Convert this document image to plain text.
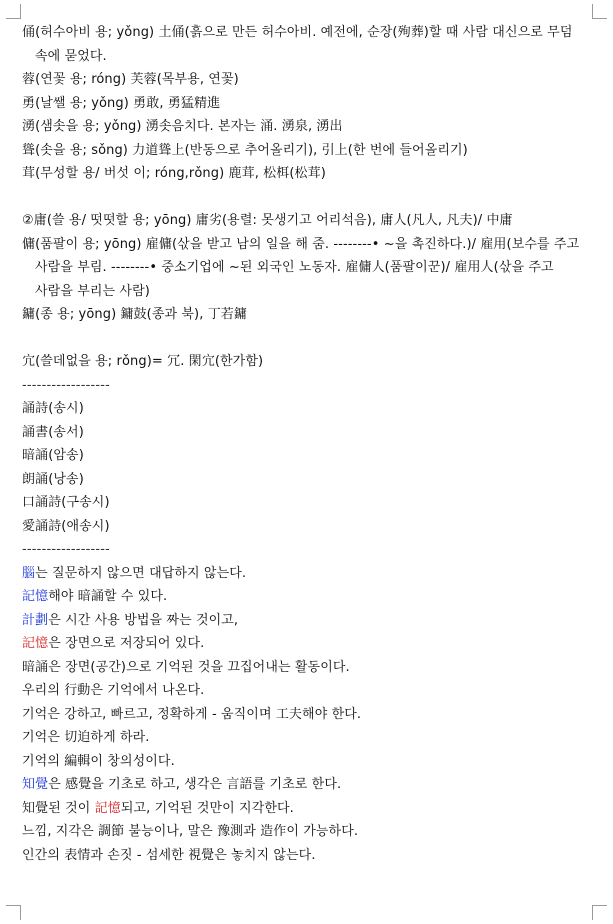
俑(허수아비 용; yǒng) 土俑(흙으로 만든 허수아비. 예전에, 순장(殉葬)할 때 사람 대신으로 무덤 속에 묻었다.

蓉(연꽃 용; róng) 芙蓉(목부용, 연꽃)

勇(날쌜 용; yǒng) 勇敢, 勇猛精進

湧(샘솟을 용; yǒng) 湧솟음치다. 본자는 涌. 湧泉, 湧出

聳(솟을 용; sǒng) 力道聳上(반동으로 추어올리기), 引上(한 번에 들어올리기)

茸(무성할 용/ 버섯 이; róng,rǒng) 鹿茸, 松栮(松茸)

②庸(쓸 용/ 떳떳할 용; yōng) 庸劣(용렬: 못생기고 어리석음), 庸人(凡人, 凡夫)/ 中庸

傭(품팔이 용; yōng) 雇傭(삯을 받고 남의 일을 해 줌. --------• ~을 촉진하다.)/ 雇用(보수를 주고 사람을 부림. --------• 중소기업에 ~된 외국인 노동자. 雇傭人(품팔이꾼)/ 雇用人(삯을 주고 사람을 부리는 사람)

鏞(종 용; yōng) 鏞鼓(종과 북), 丁若鏞

宂(쓸데없을 용; rǒng)= 冗. 閑宂(한가함)

------------------

誦詩(송시)

誦書(송서)

暗誦(암송)

朗誦(낭송)

口誦詩(구송시)

愛誦詩(애송시)

------------------

腦는 질문하지 않으면 대답하지 않는다.

記憶해야 暗誦할 수 있다.

計劃은 시간 사용 방법을 짜는 것이고,

記憶은 장면으로 저장되어 있다.

暗誦은 장면(공간)으로 기억된 것을 끄집어내는 활동이다.

우리의 行動은 기억에서 나온다.

기억은 강하고, 빠르고, 정확하게 - 움직이며 工夫해야 한다.

기억은 切迫하게 하라.

기억의 編輯이 창의성이다.

知覺은 感覺을 기초로 하고, 생각은 言語를 기초로 한다.

知覺된 것이 記憶되고, 기억된 것만이 지각한다.

느낌, 지각은 調節 불능이나, 말은 豫測과 造作이 가능하다.

인간의 表情과 손짓 - 섬세한 視覺은 놓치지 않는다.
